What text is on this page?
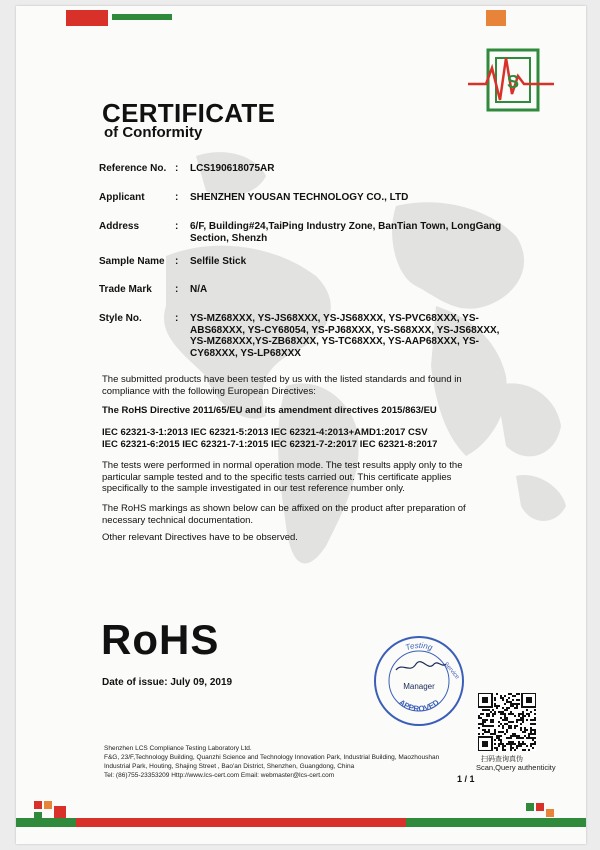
S
CERTIFICATE
of Conformity
Reference No. : LCS190618075AR
Applicant	: SHENZHEN YOUSAN TECHNOLOGY CO., LTD
Address	: 6/F, Building#24,TaiPing Industry Zone, BanTian Town, LongGang Section, Shenzh
Sample Name : Selfile Stick
Trade Mark : N/A
Style No.	: YS-MZ68XXX, YS-JS68XXX, YS-JS68XXX, YS-PVC68XXX, YS-ABS68XXX, YS-CY68054, YS-PJ68XXX, YS-S68XXX, YS-JS68XXX, YS-MZ68XXX,YS-ZB68XXX, YS-TC68XXX, YS-AAP68XXX, YS-CY68XXX, YS-LP68XXX
The submitted products have been tested by us with the listed standards and found in compliance with the following European Directives:
The RoHS Directive 2011/65/EU and its amendment directives 2015/863/EU
IEC 62321-3-1:2013 IEC 62321-5:2013 IEC 62321-4:2013+AMD1:2017 CSV
IEC 62321-6:2015 IEC 62321-7-1:2015 IEC 62321-7-2:2017 IEC 62321-8:2017
The tests were performed in normal operation mode. The test results apply only to the particular sample tested and to the specific tests carried out. This certificate applies specifically to the sample investigated in our test reference number only.
The RoHS markings as shown below can be affixed on the product after preparation of necessary technical documentation.
Other relevant Directives have to be observed.
RoHS
Date of issue: July 09, 2019
Testing
APPROVED
Service
Manager
扫码查询真伪
Scan,Query authenticity
Shenzhen LCS Compliance Testing Laboratory Ltd.
F&G, 23/F,Technology Building, Quanzhi Science and Technology Innovation Park, Industrial Building, Maozhoushan Industrial Park, Houting, Shajing Street , Bao'an District, Shenzhen, Guangdong, China
Tel: (86)755-23353209 Http://www.lcs-cert.com Email: webmaster@lcs-cert.com	1 / 1
